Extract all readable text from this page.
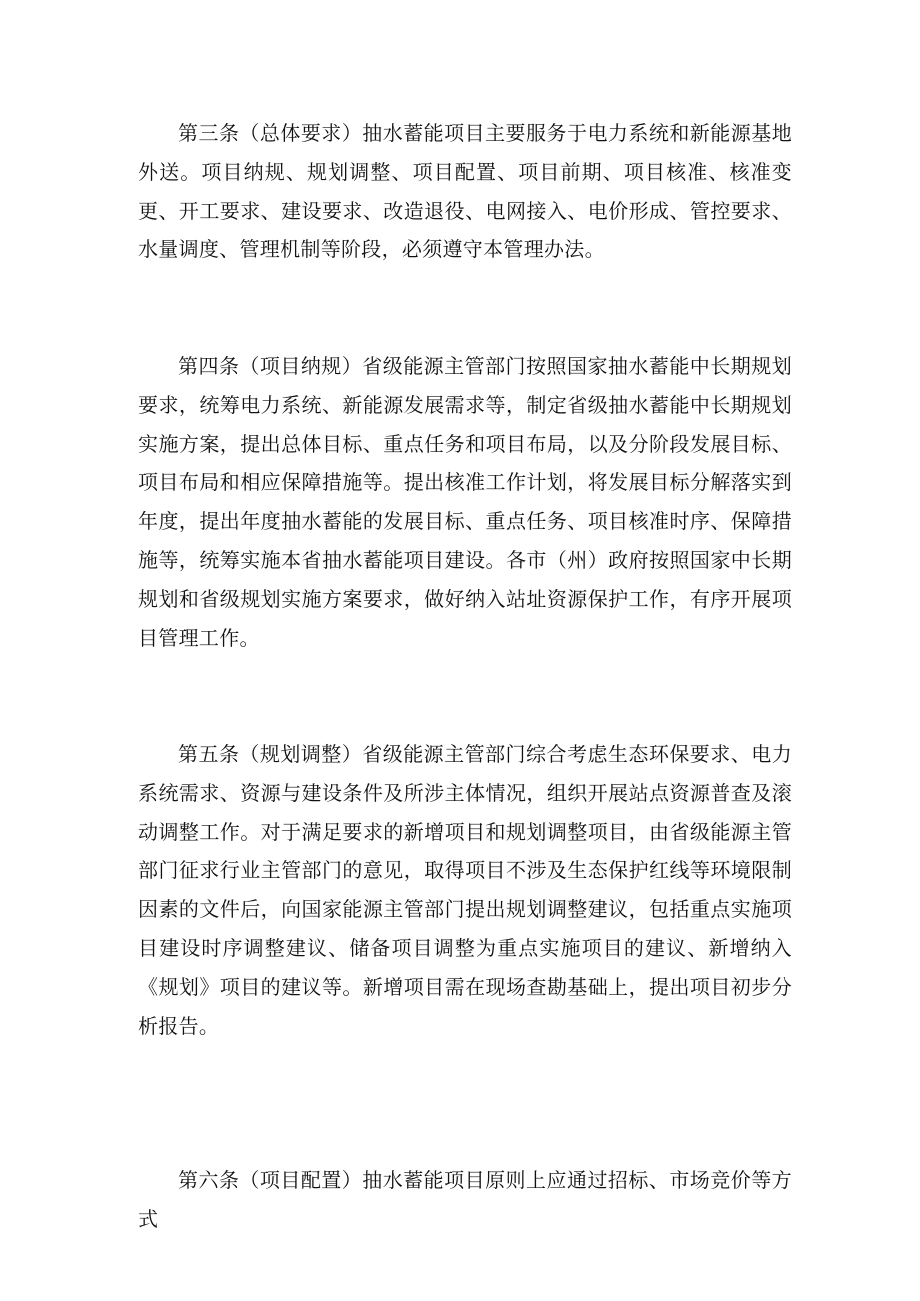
第三条（总体要求）抽水蓄能项目主要服务于电力系统和新能源基地外送。项目纳规、规划调整、项目配置、项目前期、项目核准、核准变更、开工要求、建设要求、改造退役、电网接入、电价形成、管控要求、水量调度、管理机制等阶段，必须遵守本管理办法。

第四条（项目纳规）省级能源主管部门按照国家抽水蓄能中长期规划要求，统筹电力系统、新能源发展需求等，制定省级抽水蓄能中长期规划实施方案，提出总体目标、重点任务和项目布局，以及分阶段发展目标、项目布局和相应保障措施等。提出核准工作计划，将发展目标分解落实到年度，提出年度抽水蓄能的发展目标、重点任务、项目核准时序、保障措施等，统筹实施本省抽水蓄能项目建设。各市（州）政府按照国家中长期规划和省级规划实施方案要求，做好纳入站址资源保护工作，有序开展项目管理工作。

第五条（规划调整）省级能源主管部门综合考虑生态环保要求、电力系统需求、资源与建设条件及所涉主体情况，组织开展站点资源普查及滚动调整工作。对于满足要求的新增项目和规划调整项目，由省级能源主管部门征求行业主管部门的意见，取得项目不涉及生态保护红线等环境限制因素的文件后，向国家能源主管部门提出规划调整建议，包括重点实施项目建设时序调整建议、储备项目调整为重点实施项目的建议、新增纳入《规划》项目的建议等。新增项目需在现场查勘基础上，提出项目初步分析报告。

第六条（项目配置）抽水蓄能项目原则上应通过招标、市场竞价等方式
